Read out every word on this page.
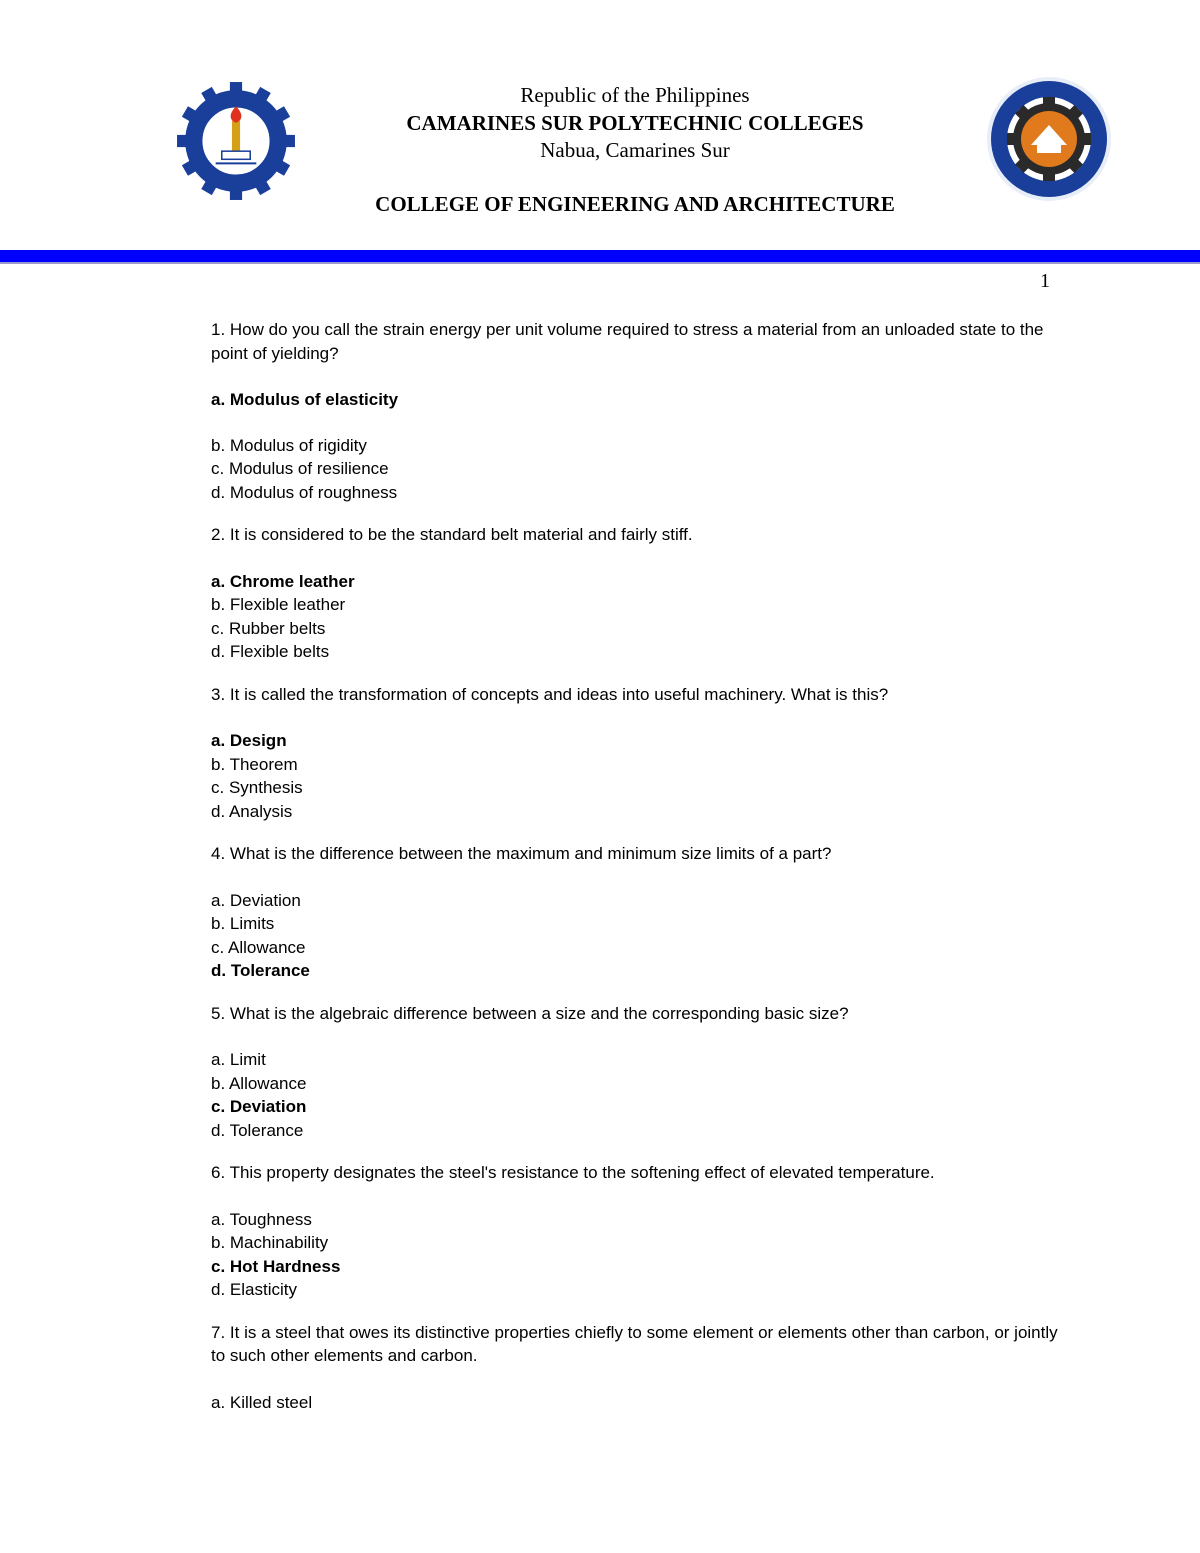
Republic of the Philippines
CAMARINES SUR POLYTECHNIC COLLEGES
Nabua, Camarines Sur
COLLEGE OF ENGINEERING AND ARCHITECTURE
1

1. How do you call the strain energy per unit volume required to stress a material from an unloaded state to the point of yielding?

a. Modulus of elasticity

b. Modulus of rigidity

c. Modulus of resilience

d. Modulus of roughness

2. It is considered to be the standard belt material and fairly stiff.

a. Chrome leather

b. Flexible leather

c. Rubber belts

d. Flexible belts

3. It is called the transformation of concepts and ideas into useful machinery. What is this?

a. Design

b. Theorem

c. Synthesis

d. Analysis

4. What is the difference between the maximum and minimum size limits of a part?

a. Deviation

b. Limits

c. Allowance

d. Tolerance

5. What is the algebraic difference between a size and the corresponding basic size?

a. Limit

b. Allowance

c. Deviation

d. Tolerance

6. This property designates the steel's resistance to the softening effect of elevated temperature.

a. Toughness

b. Machinability

c. Hot Hardness

d. Elasticity

7. It is a steel that owes its distinctive properties chiefly to some element or elements other than carbon, or jointly to such other elements and carbon.

a. Killed steel
